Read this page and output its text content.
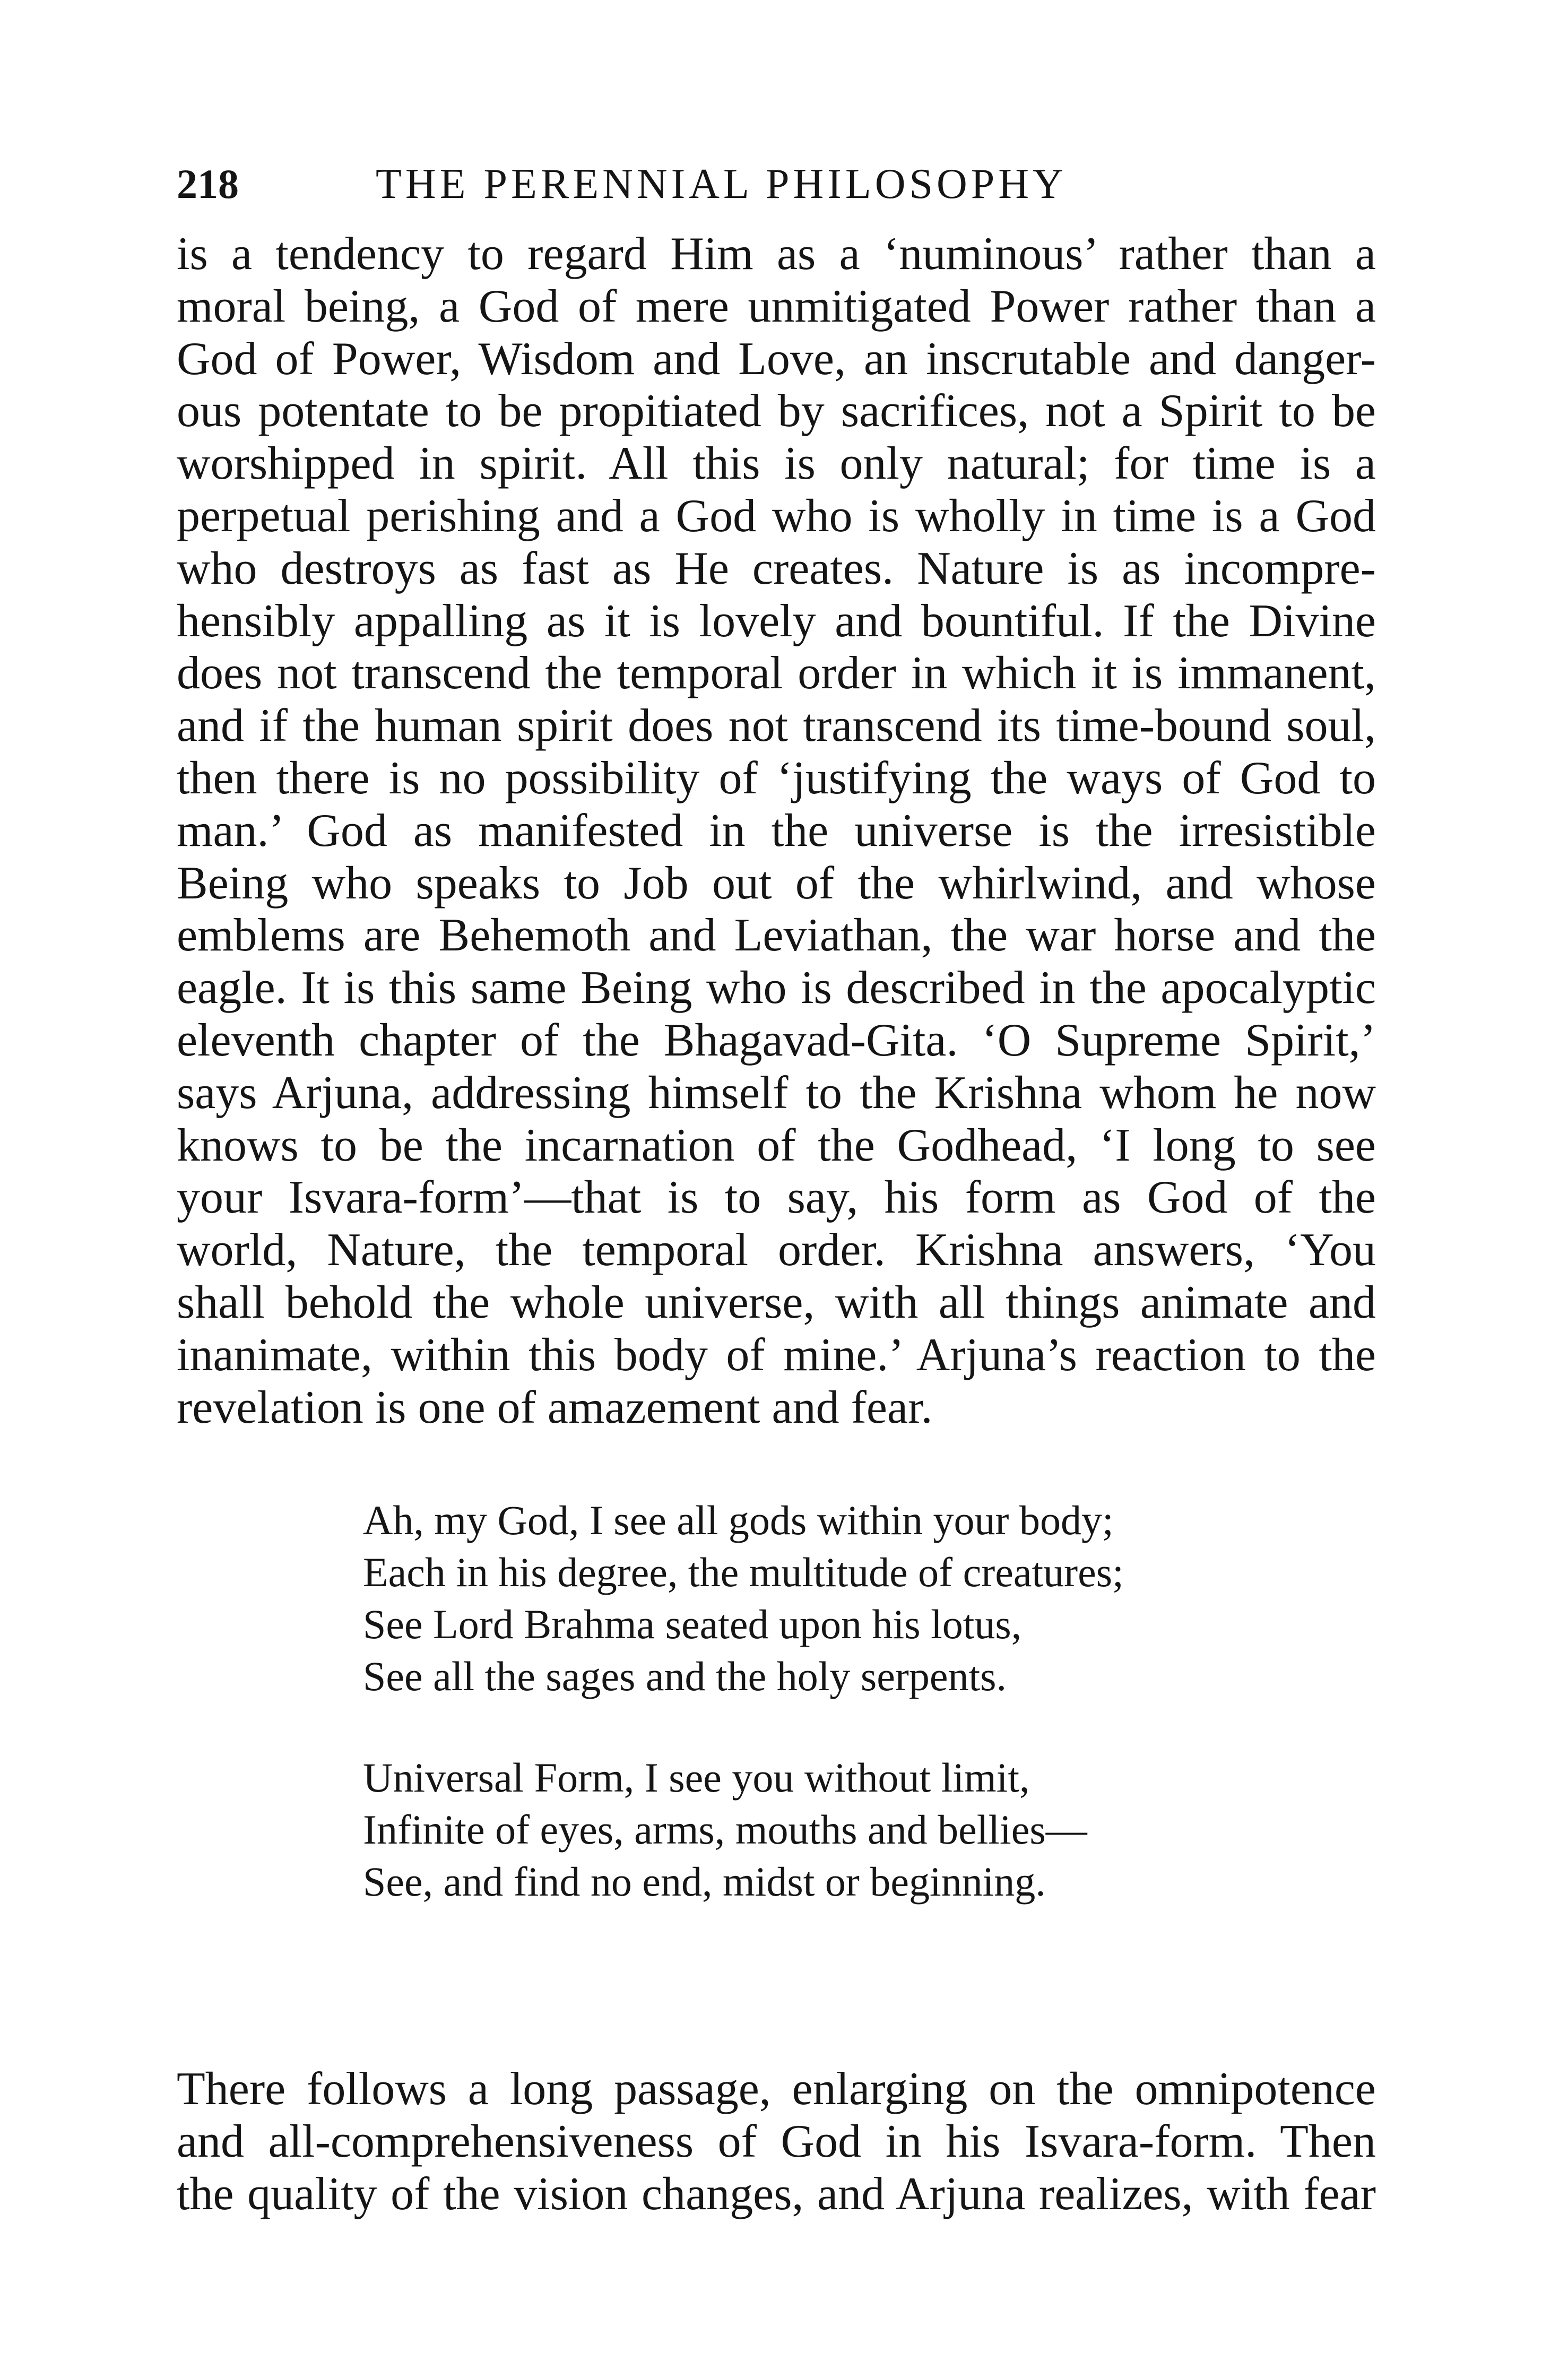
218	THE PERENNIAL PHILOSOPHY
is a tendency to regard Him as a ‘numinous’ rather than a
moral being, a God of mere unmitigated Power rather than a
God of Power, Wisdom and Love, an inscrutable and danger-
ous potentate to be propitiated by sacrifices, not a Spirit to be
worshipped in spirit. All this is only natural; for time is a
perpetual perishing and a God who is wholly in time is a God
who destroys as fast as He creates. Nature is as incompre-
hensibly appalling as it is lovely and bountiful. If the Divine
does not transcend the temporal order in which it is immanent,
and if the human spirit does not transcend its time-bound soul,
then there is no possibility of ‘justifying the ways of God to
man.’ God as manifested in the universe is the irresistible
Being who speaks to Job out of the whirlwind, and whose
emblems are Behemoth and Leviathan, the war horse and the
eagle. It is this same Being who is described in the apocalyptic
eleventh chapter of the Bhagavad-Gita. ‘O Supreme Spirit,’
says Arjuna, addressing himself to the Krishna whom he now
knows to be the incarnation of the Godhead, ‘I long to see
your Isvara-form’—that is to say, his form as God of the
world, Nature, the temporal order. Krishna answers, ‘You
shall behold the whole universe, with all things animate and
inanimate, within this body of mine.’ Arjuna’s reaction to the
revelation is one of amazement and fear.
Ah, my God, I see all gods within your body;
Each in his degree, the multitude of creatures;
See Lord Brahma seated upon his lotus,
See all the sages and the holy serpents.
Universal Form, I see you without limit,
Infinite of eyes, arms, mouths and bellies—
See, and find no end, midst or beginning.
There follows a long passage, enlarging on the omnipotence
and all-comprehensiveness of God in his Isvara-form. Then
the quality of the vision changes, and Arjuna realizes, with fear
